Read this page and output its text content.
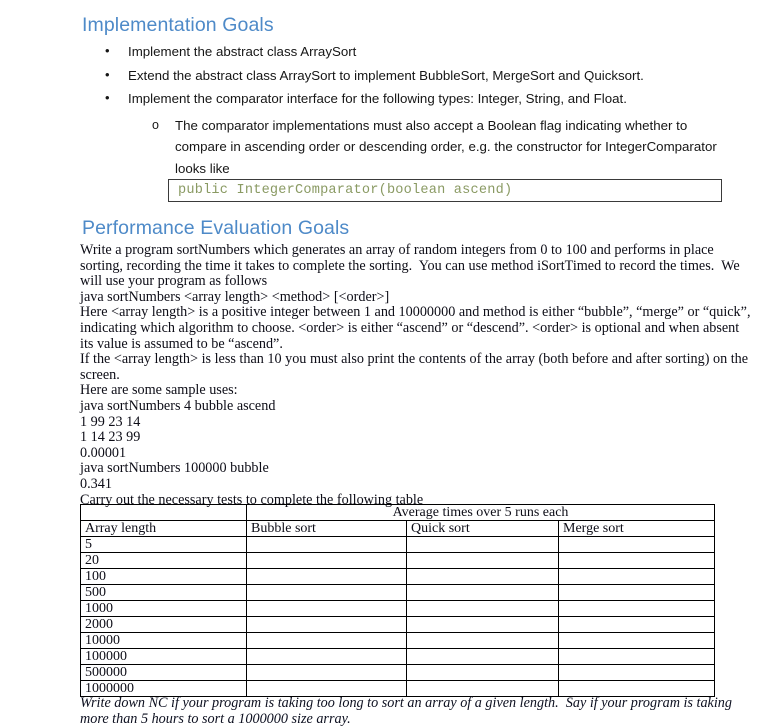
Implementation Goals
• Implement the abstract class ArraySort
• Extend the abstract class ArraySort to implement BubbleSort, MergeSort and Quicksort.
• Implement the comparator interface for the following types: Integer, String, and Float.
o The comparator implementations must also accept a Boolean flag indicating whether to compare in ascending order or descending order, e.g. the constructor for IntegerComparator looks like
public IntegerComparator(boolean ascend)
Performance Evaluation Goals

Write a program sortNumbers which generates an array of random integers from 0 to 100 and performs in place

sorting, recording the time it takes to complete the sorting.  You can use method iSortTimed to record the times.  We

will use your program as follows

java sortNumbers <array length> <method> [<order>]

Here <array length> is a positive integer between 1 and 10000000 and method is either “bubble”, “merge” or “quick”,

indicating which algorithm to choose. <order> is either “ascend” or “descend”. <order> is optional and when absent

its value is assumed to be “ascend”.

If the <array length> is less than 10 you must also print the contents of the array (both before and after sorting) on the

screen.

Here are some sample uses:

java sortNumbers 4 bubble ascend

1 99 23 14

1 14 23 99

0.00001

java sortNumbers 100000 bubble

0.341

Carry out the necessary tests to complete the following table

	Average times over 5 runs each		
Array length	Bubble sort	Quick sort	Merge sort
5			
20			
100			
500			
1000			
2000			
10000			
100000			
500000			
1000000			

Write down NC if your program is taking too long to sort an array of a given length.  Say if your program is taking

more than 5 hours to sort a 1000000 size array.
